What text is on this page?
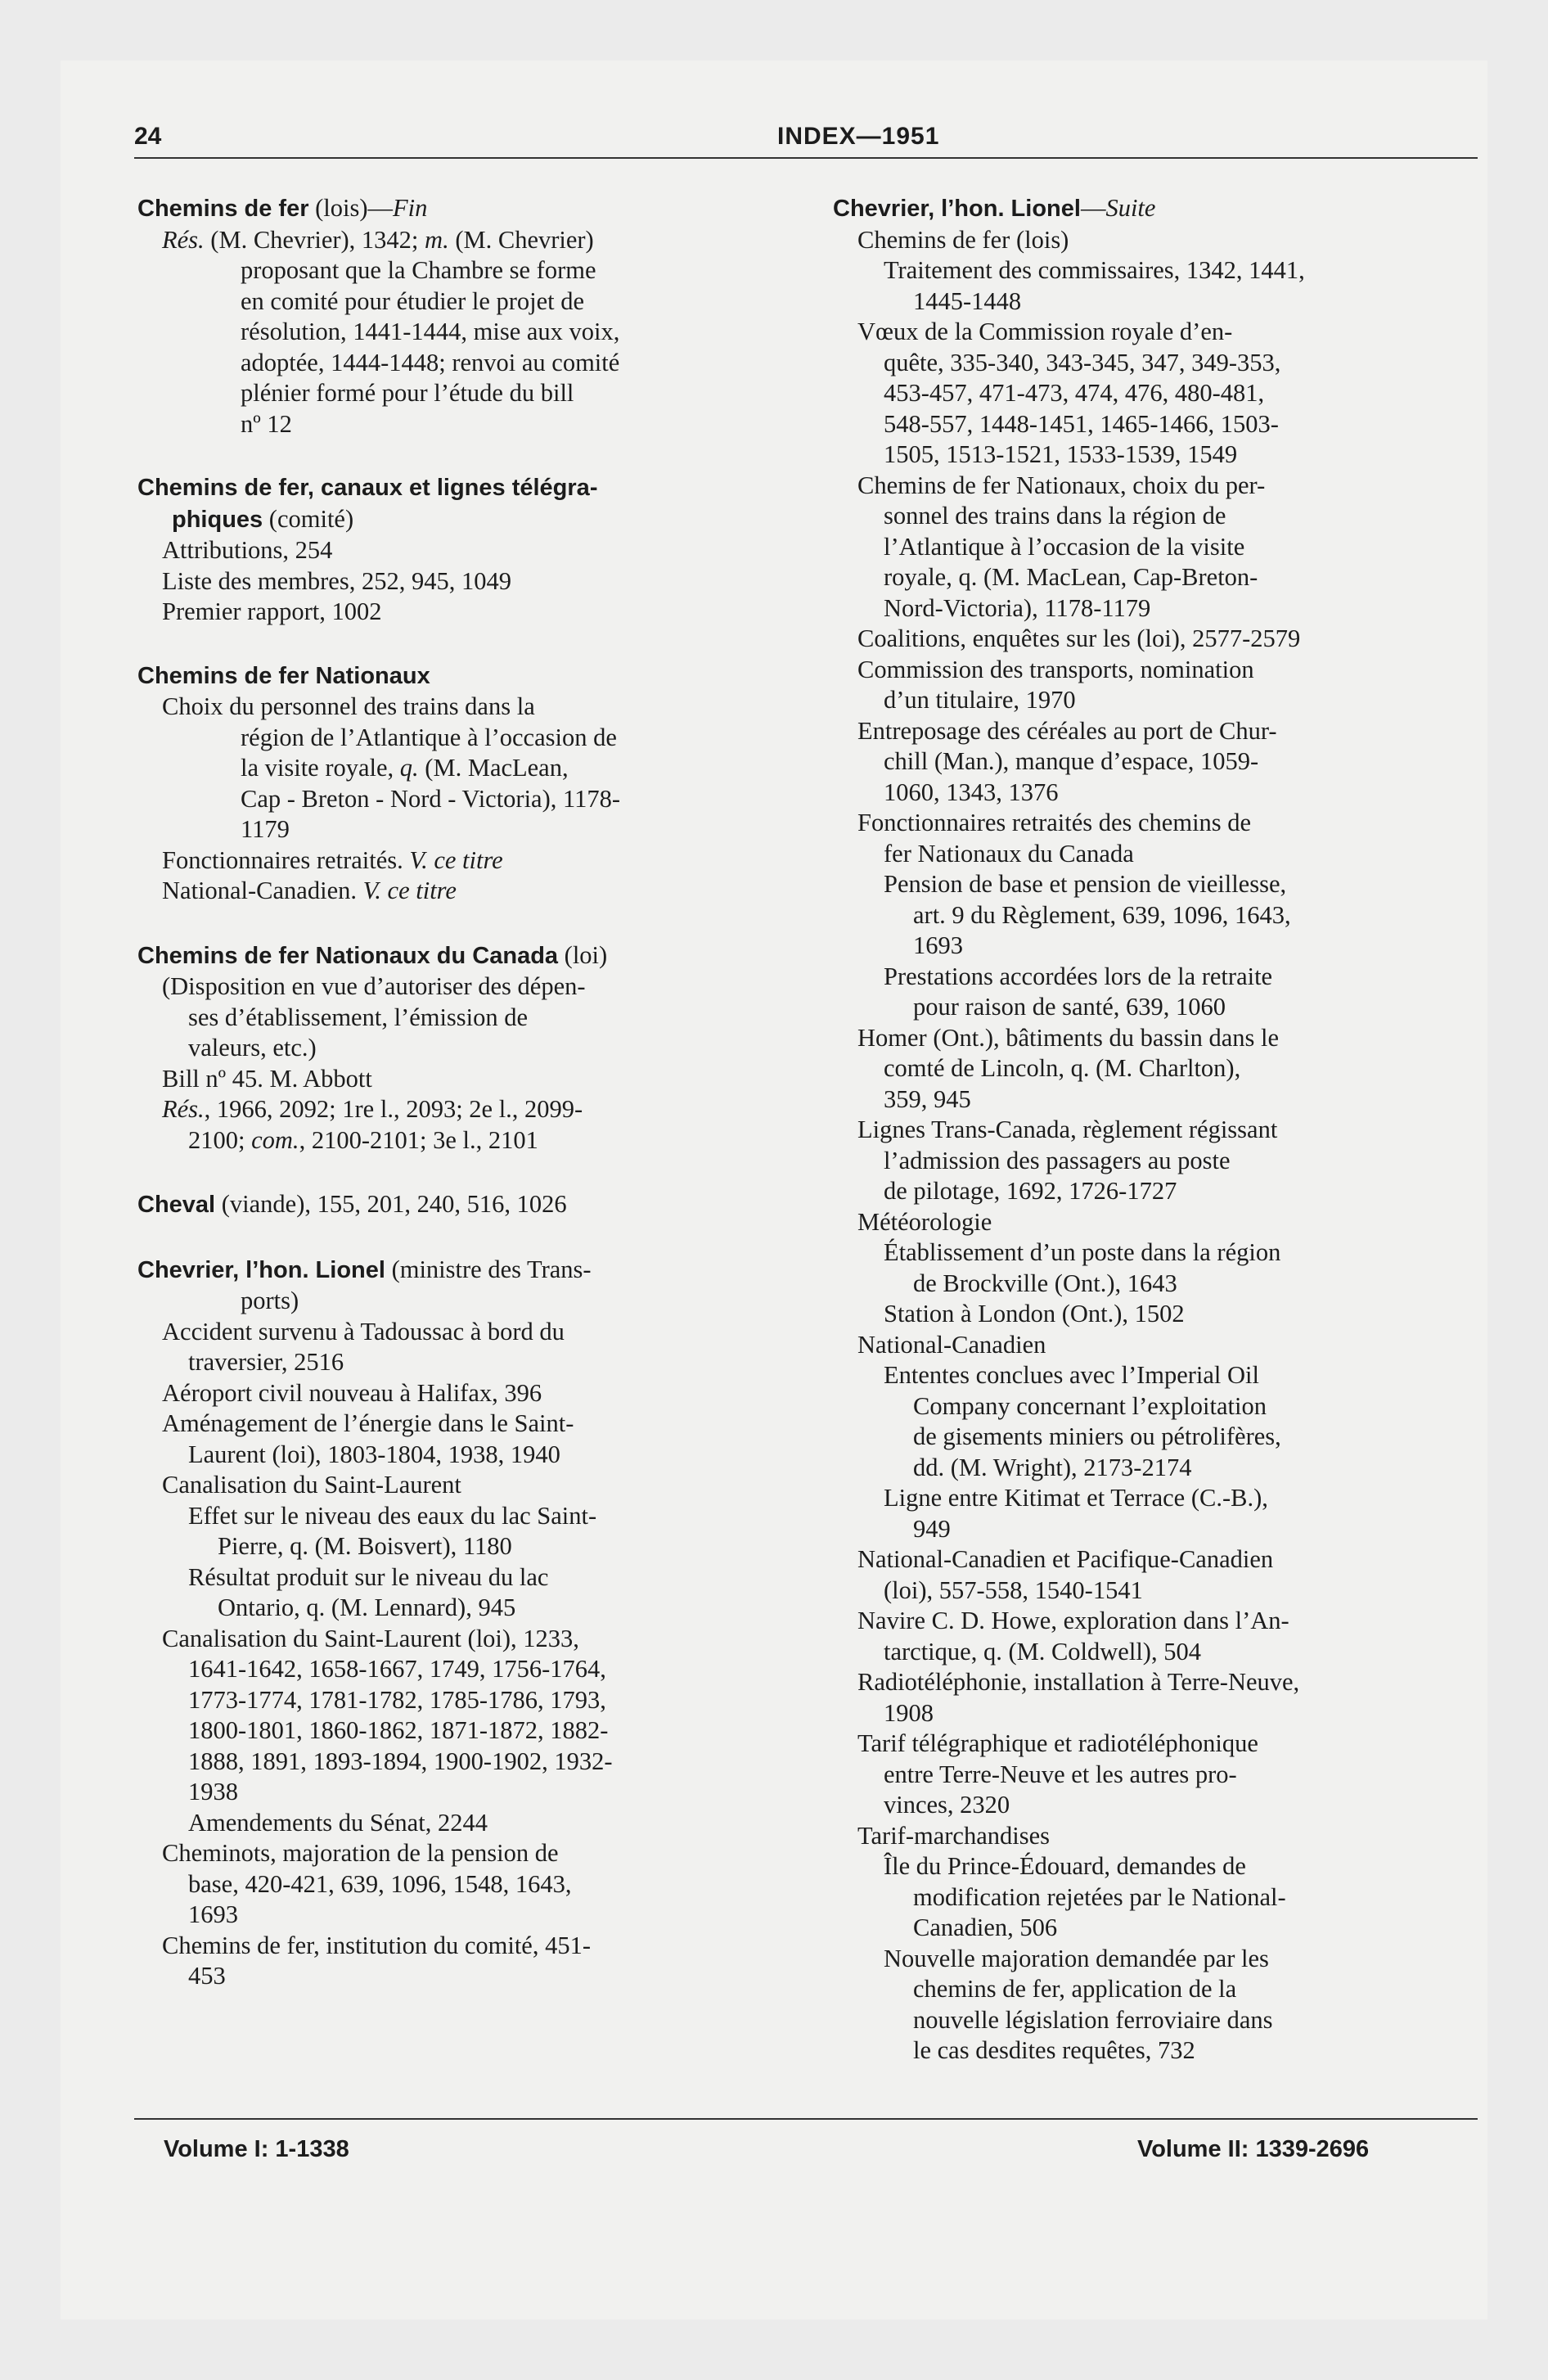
24	INDEX—1951
Chemins de fer (lois)—Fin
Rés. (M. Chevrier), 1342; m. (M. Chevrier)
proposant que la Chambre se forme
en comité pour étudier le projet de
résolution, 1441-1444, mise aux voix,
adoptée, 1444-1448; renvoi au comité
plénier formé pour l’étude du bill
nº 12
Chemins de fer, canaux et lignes télégra-
phiques (comité)
Attributions, 254
Liste des membres, 252, 945, 1049
Premier rapport, 1002
Chemins de fer Nationaux
Choix du personnel des trains dans la
région de l’Atlantique à l’occasion de
la visite royale, q. (M. MacLean,
Cap - Breton - Nord - Victoria), 1178-
1179
Fonctionnaires retraités. V. ce titre
National-Canadien. V. ce titre
Chemins de fer Nationaux du Canada (loi)
(Disposition en vue d’autoriser des dépen-
ses d’établissement, l’émission de
valeurs, etc.)
Bill nº 45. M. Abbott
Rés., 1966, 2092; 1re l., 2093; 2e l., 2099-
2100; com., 2100-2101; 3e l., 2101
Cheval (viande), 155, 201, 240, 516, 1026
Chevrier, l’hon. Lionel (ministre des Trans-
ports)
Accident survenu à Tadoussac à bord du
traversier, 2516
Aéroport civil nouveau à Halifax, 396
Aménagement de l’énergie dans le Saint-
Laurent (loi), 1803-1804, 1938, 1940
Canalisation du Saint-Laurent
Effet sur le niveau des eaux du lac Saint-
Pierre, q. (M. Boisvert), 1180
Résultat produit sur le niveau du lac
Ontario, q. (M. Lennard), 945
Canalisation du Saint-Laurent (loi), 1233,
1641-1642, 1658-1667, 1749, 1756-1764,
1773-1774, 1781-1782, 1785-1786, 1793,
1800-1801, 1860-1862, 1871-1872, 1882-
1888, 1891, 1893-1894, 1900-1902, 1932-
1938
Amendements du Sénat, 2244
Cheminots, majoration de la pension de
base, 420-421, 639, 1096, 1548, 1643,
1693
Chemins de fer, institution du comité, 451-
453
Chevrier, l’hon. Lionel—Suite
Chemins de fer (lois)
Traitement des commissaires, 1342, 1441,
1445-1448
Vœux de la Commission royale d’en-
quête, 335-340, 343-345, 347, 349-353,
453-457, 471-473, 474, 476, 480-481,
548-557, 1448-1451, 1465-1466, 1503-
1505, 1513-1521, 1533-1539, 1549
Chemins de fer Nationaux, choix du per-
sonnel des trains dans la région de
l’Atlantique à l’occasion de la visite
royale, q. (M. MacLean, Cap-Breton-
Nord-Victoria), 1178-1179
Coalitions, enquêtes sur les (loi), 2577-2579
Commission des transports, nomination
d’un titulaire, 1970
Entreposage des céréales au port de Chur-
chill (Man.), manque d’espace, 1059-
1060, 1343, 1376
Fonctionnaires retraités des chemins de
fer Nationaux du Canada
Pension de base et pension de vieillesse,
art. 9 du Règlement, 639, 1096, 1643,
1693
Prestations accordées lors de la retraite
pour raison de santé, 639, 1060
Homer (Ont.), bâtiments du bassin dans le
comté de Lincoln, q. (M. Charlton),
359, 945
Lignes Trans-Canada, règlement régissant
l’admission des passagers au poste
de pilotage, 1692, 1726-1727
Météorologie
Établissement d’un poste dans la région
de Brockville (Ont.), 1643
Station à London (Ont.), 1502
National-Canadien
Ententes conclues avec l’Imperial Oil
Company concernant l’exploitation
de gisements miniers ou pétrolifères,
dd. (M. Wright), 2173-2174
Ligne entre Kitimat et Terrace (C.-B.),
949
National-Canadien et Pacifique-Canadien
(loi), 557-558, 1540-1541
Navire C. D. Howe, exploration dans l’An-
tarctique, q. (M. Coldwell), 504
Radiotéléphonie, installation à Terre-Neuve,
1908
Tarif télégraphique et radiotéléphonique
entre Terre-Neuve et les autres pro-
vinces, 2320
Tarif-marchandises
Île du Prince-Édouard, demandes de
modification rejetées par le National-
Canadien, 506
Nouvelle majoration demandée par les
chemins de fer, application de la
nouvelle législation ferroviaire dans
le cas desdites requêtes, 732
Volume I: 1-1338	Volume II: 1339-2696
